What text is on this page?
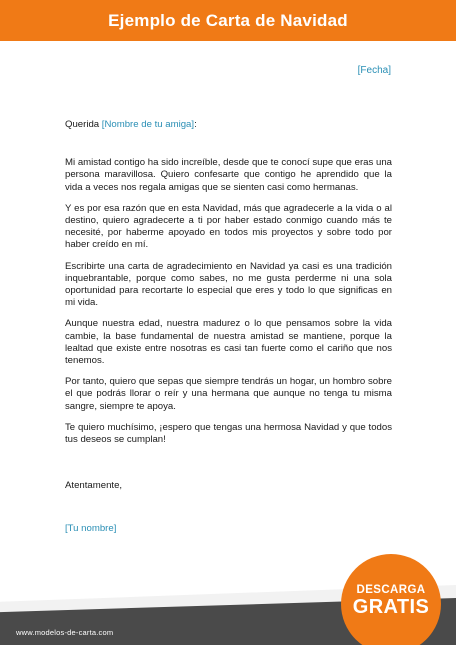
Ejemplo de Carta de Navidad
[Fecha]
Querida [Nombre de tu amiga]:

Mi amistad contigo ha sido increíble, desde que te conocí supe que eras una persona maravillosa. Quiero confesarte que contigo he aprendido que la vida a veces nos regala amigas que se sienten casi como hermanas.

Y es por esa razón que en esta Navidad, más que agradecerle a la vida o al destino, quiero agradecerte a ti por haber estado conmigo cuando más te necesité, por haberme apoyado en todos mis proyectos y sobre todo por haber creído en mí.

Escribirte una carta de agradecimiento en Navidad ya casi es una tradición inquebrantable, porque como sabes, no me gusta perderme ni una sola oportunidad para recortarte lo especial que eres y todo lo que significas en mi vida.

Aunque nuestra edad, nuestra madurez o lo que pensamos sobre la vida cambie, la base fundamental de nuestra amistad se mantiene, porque la lealtad que existe entre nosotras es casi tan fuerte como el cariño que nos tenemos.

Por tanto, quiero que sepas que siempre tendrás un hogar, un hombro sobre el que podrás llorar o reír y una hermana que aunque no tenga tu misma sangre, siempre te apoya.

Te quiero muchísimo, ¡espero que tengas una hermosa Navidad y que todos tus deseos se cumplan!

Atentamente,
[Tu nombre]
www.modelos-de-carta.com
DESCARGA
GRATIS
